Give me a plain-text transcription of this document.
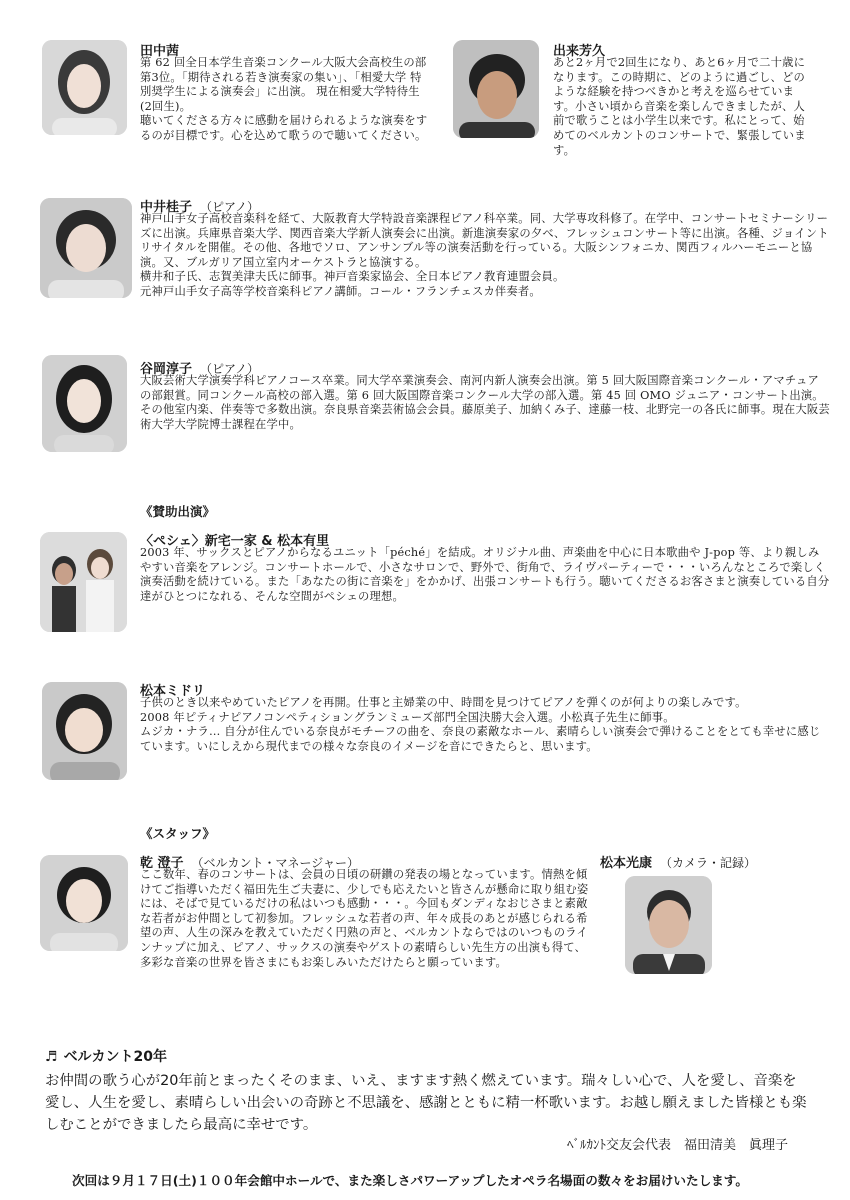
田中茜
第 62 回全日本学生音楽コンクール大阪大会高校生の部第3位。「期待される若き演奏家の集い」、「相愛大学 特別奨学生による演奏会」に出演。 現在相愛大学特待生(2回生)。
聴いてくださる方々に感動を届けられるような演奏をするのが目標です。心を込めて歌うので聴いてください。
出来芳久
あと2ヶ月で2回生になり、あと6ヶ月で二十歳になります。この時期に、どのように過ごし、どのような経験を持つべきかと考えを巡らせています。小さい頃から音楽を楽しんできましたが、人前で歌うことは小学生以来です。私にとって、始めてのベルカントのコンサートで、緊張しています。
中井桂子 （ピアノ）
神戸山手女子高校音楽科を経て、大阪教育大学特設音楽課程ピアノ科卒業。同、大学専攻科修了。在学中、コンサートセミナーシリーズに出演。兵庫県音楽大学、関西音楽大学新人演奏会に出演。新進演奏家の夕べ、フレッシュコンサート等に出演。各種、ジョイントリサイタルを開催。その他、各地でソロ、アンサンブル等の演奏活動を行っている。大阪シンフォニカ、関西フィルハーモニーと協演。又、ブルガリア国立室内オーケストラと協演する。
横井和子氏、志賀美津夫氏に師事。神戸音楽家協会、全日本ピアノ教育連盟会員。
元神戸山手女子高等学校音楽科ピアノ講師。コール・フランチェスカ伴奏者。
谷岡淳子 （ピアノ）
大阪芸術大学演奏学科ピアノコース卒業。同大学卒業演奏会、南河内新人演奏会出演。第 5 回大阪国際音楽コンクール・アマチュアの部銀賞。同コンクール高校の部入選。第 6 回大阪国際音楽コンクール大学の部入選。第 45 回 OMO ジュニア・コンサート出演。その他室内楽、伴奏等で多数出演。奈良県音楽芸術協会会員。藤原美子、加納くみ子、達藤一枝、北野完一の各氏に師事。現在大阪芸術大学大学院博士課程在学中。
《賛助出演》
〈ペシェ〉新宅一家 & 松本有里
2003 年、サックスとピアノからなるユニット「péché」を結成。オリジナル曲、声楽曲を中心に日本歌曲や J-pop 等、より親しみやすい音楽をアレンジ。コンサートホールで、小さなサロンで、野外で、街角で、ライヴパーティーで・・・いろんなところで楽しく演奏活動を続けている。また「あなたの街に音楽を」をかかげ、出張コンサートも行う。聴いてくださるお客さまと演奏している自分達がひとつになれる、そんな空間がペシェの理想。
松本ミドリ
子供のとき以来やめていたピアノを再開。仕事と主婦業の中、時間を見つけてピアノを弾くのが何よりの楽しみです。
2008 年ピティナピアノコンペティショングランミューズ部門全国決勝大会入選。小松真子先生に師事。
ムジカ・ナラ… 自分が住んでいる奈良がモチーフの曲を、奈良の素敵なホール、素晴らしい演奏会で弾けることをとても幸せに感じています。いにしえから現代までの様々な奈良のイメージを音にできたらと、思います。
《スタッフ》
乾 澄子 （ベルカント・マネージャー）
ここ数年、春のコンサートは、会員の日頃の研鑽の発表の場となっています。情熱を傾けてご指導いただく福田先生ご夫妻に、少しでも応えたいと皆さんが懸命に取り組む姿には、そばで見ているだけの私はいつも感動・・・。今回もダンディなおじさまと素敵な若者がお仲間として初参加。フレッシュな若者の声、年々成長のあとが感じられる希望の声、人生の深みを教えていただく円熟の声と、ベルカントならではのいつものラインナップに加え、ピアノ、サックスの演奏やゲストの素晴らしい先生方の出演も得て、多彩な音楽の世界を皆さまにもお楽しみいただけたらと願っています。
松本光康 （カメラ・記録）
♬ ベルカント20年
お仲間の歌う心が20年前とまったくそのまま、いえ、ますます熱く燃えています。瑞々しい心で、人を愛し、音楽を愛し、人生を愛し、素晴らしい出会いの奇跡と不思議を、感謝とともに精一杯歌います。お越し願えました皆様とも楽しむことができましたら最高に幸せです。
ﾍﾞﾙｶﾝﾄ交友会代表　福田清美　眞理子
次回は９月１７日(土)１００年会館中ホールで、また楽しさパワーアップしたオペラ名場面の数々をお届けいたします。
